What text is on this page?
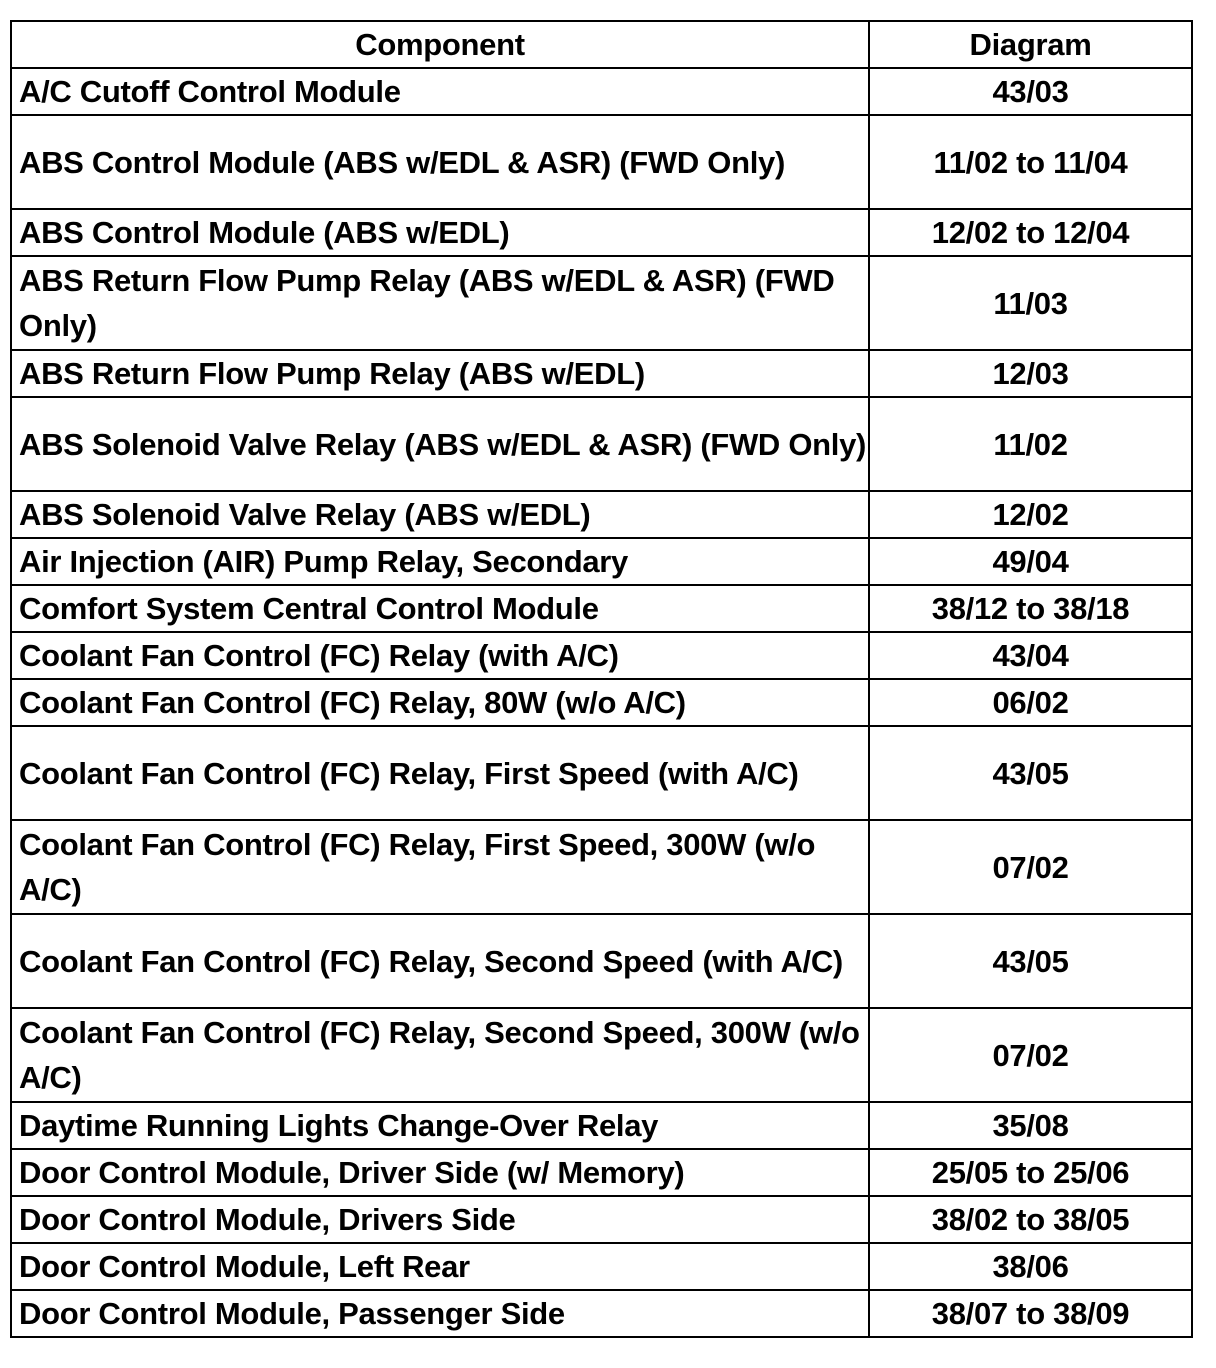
Component	Diagram
A/C Cutoff Control Module	43/03
ABS Control Module (ABS w/EDL & ASR) (FWD Only)	11/02 to 11/04
ABS Control Module (ABS w/EDL)	12/02 to 12/04
ABS Return Flow Pump Relay (ABS w/EDL & ASR) (FWD Only)	11/03
ABS Return Flow Pump Relay (ABS w/EDL)	12/03
ABS Solenoid Valve Relay (ABS w/EDL & ASR) (FWD Only)	11/02
ABS Solenoid Valve Relay (ABS w/EDL)	12/02
Air Injection (AIR) Pump Relay, Secondary	49/04
Comfort System Central Control Module	38/12 to 38/18
Coolant Fan Control (FC) Relay (with A/C)	43/04
Coolant Fan Control (FC) Relay, 80W (w/o A/C)	06/02
Coolant Fan Control (FC) Relay, First Speed (with A/C)	43/05
Coolant Fan Control (FC) Relay, First Speed, 300W (w/o A/C)	07/02
Coolant Fan Control (FC) Relay, Second Speed (with A/C)	43/05
Coolant Fan Control (FC) Relay, Second Speed, 300W (w/o A/C)	07/02
Daytime Running Lights Change-Over Relay	35/08
Door Control Module, Driver Side (w/ Memory)	25/05 to 25/06
Door Control Module, Drivers Side	38/02 to 38/05
Door Control Module, Left Rear	38/06
Door Control Module, Passenger Side	38/07 to 38/09
